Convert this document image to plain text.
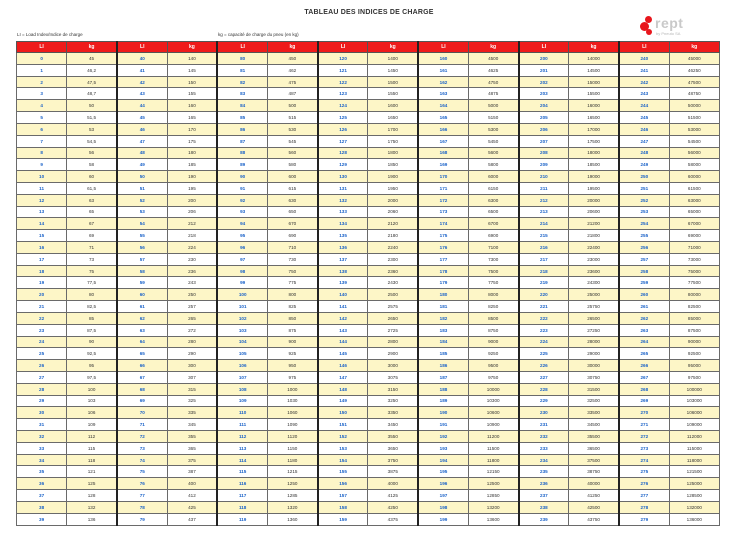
TABLEAU DES INDICES DE CHARGE
rept
by Pneuto SA
LI = Load Index/Indice de charge	kg = capacité de charge du pneu (en kg)
LI	kg	LI	kg	LI	kg	LI	kg	LI	kg	LI	kg	LI	kg
0	45	40	140	80	450	120	1400	160	4500	200	14000	240	45000
1	46,2	41	145	81	462	121	1450	161	4625	201	14500	241	46250
2	47,5	42	150	82	475	122	1500	162	4750	202	15000	242	47500
3	48,7	43	155	83	487	123	1550	163	4875	203	15500	243	48750
4	50	44	160	84	500	124	1600	164	5000	204	16000	244	50000
5	51,5	45	165	85	515	125	1650	165	5150	205	16500	245	51500
6	53	46	170	86	530	126	1700	166	5300	206	17000	246	53000
7	54,5	47	175	87	545	127	1750	167	5450	207	17500	247	54500
8	56	48	180	88	560	128	1800	168	5600	208	18000	248	56000
9	58	49	185	89	580	129	1850	169	5800	209	18500	249	58000
10	60	50	190	90	600	130	1900	170	6000	210	19000	250	60000
11	61,5	51	195	91	615	131	1950	171	6150	211	19500	251	61500
12	63	52	200	92	630	132	2000	172	6300	212	20000	252	63000
13	65	53	206	93	650	133	2060	173	6500	213	20600	253	65000
14	67	54	212	94	670	134	2120	174	6700	214	21200	254	67000
15	69	55	218	95	690	135	2180	175	6900	215	21800	255	69000
16	71	56	224	96	710	136	2240	176	7100	216	22400	256	71000
17	73	57	230	97	730	137	2300	177	7300	217	23000	257	73000
18	75	58	236	98	750	138	2360	178	7500	218	23600	258	75000
19	77,5	59	243	99	775	139	2430	179	7750	219	24300	259	77500
20	80	60	250	100	800	140	2500	180	8000	220	25000	260	80000
21	82,5	61	257	101	825	141	2575	181	8250	221	25750	261	82500
22	85	62	265	102	850	142	2650	182	8500	222	26500	262	85000
23	87,5	63	272	103	875	143	2725	183	8750	223	27250	263	87500
24	90	64	280	104	900	144	2800	184	9000	224	28000	264	90000
25	92,5	65	290	105	925	145	2900	185	9250	225	29000	265	92500
26	95	66	300	106	950	146	3000	186	9500	226	30000	266	95000
27	97,5	67	307	107	975	147	3075	187	9750	227	30750	267	97500
28	100	68	315	108	1000	148	3150	188	10000	228	31500	268	100000
29	103	69	325	109	1030	149	3250	189	10300	229	32500	269	103000
30	106	70	335	110	1060	150	3350	190	10600	230	33500	270	106000
31	109	71	345	111	1090	151	3450	191	10900	231	34500	271	109000
32	112	72	355	112	1120	152	3550	192	11200	232	35500	272	112000
33	115	73	365	113	1150	153	3650	193	11500	233	36500	273	115000
34	118	74	375	114	1180	154	3750	194	11800	234	37500	274	118000
35	121	75	387	115	1215	155	3875	195	12150	235	38750	275	121500
36	125	76	400	116	1250	156	4000	196	12500	236	40000	276	125000
37	128	77	412	117	1285	157	4125	197	12850	237	41250	277	128500
38	132	78	425	118	1320	158	4250	198	13200	238	42500	278	132000
39	136	79	437	119	1360	159	4375	199	13600	239	43750	279	136000
